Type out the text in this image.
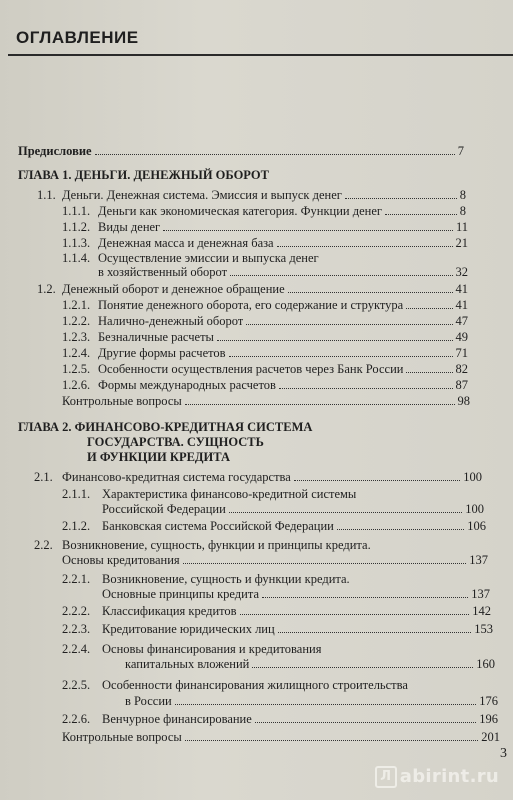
ОГЛАВЛЕНИЕ
Предисловие	7
ГЛАВА 1. ДЕНЬГИ. ДЕНЕЖНЫЙ ОБОРОТ
1.1. Деньги. Денежная система. Эмиссия и выпуск денег	8
1.1.1. Деньги как экономическая категория. Функции денег	8
1.1.2. Виды денег	11
1.1.3. Денежная масса и денежная база	21
1.1.4. Осуществление эмиссии и выпуска денег
в хозяйственный оборот	32
1.2. Денежный оборот и денежное обращение	41
1.2.1. Понятие денежного оборота, его содержание и структура	41
1.2.2. Налично-денежный оборот	47
1.2.3. Безналичные расчеты	49
1.2.4. Другие формы расчетов	71
1.2.5. Особенности осуществления расчетов через Банк России	82
1.2.6. Формы международных расчетов	87
Контрольные вопросы	98
ГЛАВА 2. ФИНАНСОВО-КРЕДИТНАЯ СИСТЕМА
ГОСУДАРСТВА. СУЩНОСТЬ
И ФУНКЦИИ КРЕДИТА
2.1. Финансово-кредитная система государства	100
2.1.1. Характеристика финансово-кредитной системы
Российской Федерации	100
2.1.2. Банковская система Российской Федерации	106
2.2. Возникновение, сущность, функции и принципы кредита.
Основы кредитования	137
2.2.1. Возникновение, сущность и функции кредита.
Основные принципы кредита	137
2.2.2. Классификация кредитов	142
2.2.3. Кредитование юридических лиц	153
2.2.4. Основы финансирования и кредитования
капитальных вложений	160
2.2.5. Особенности финансирования жилищного строительства
в России	176
2.2.6. Венчурное финансирование	196
Контрольные вопросы	201
3
Л abirint.ru
